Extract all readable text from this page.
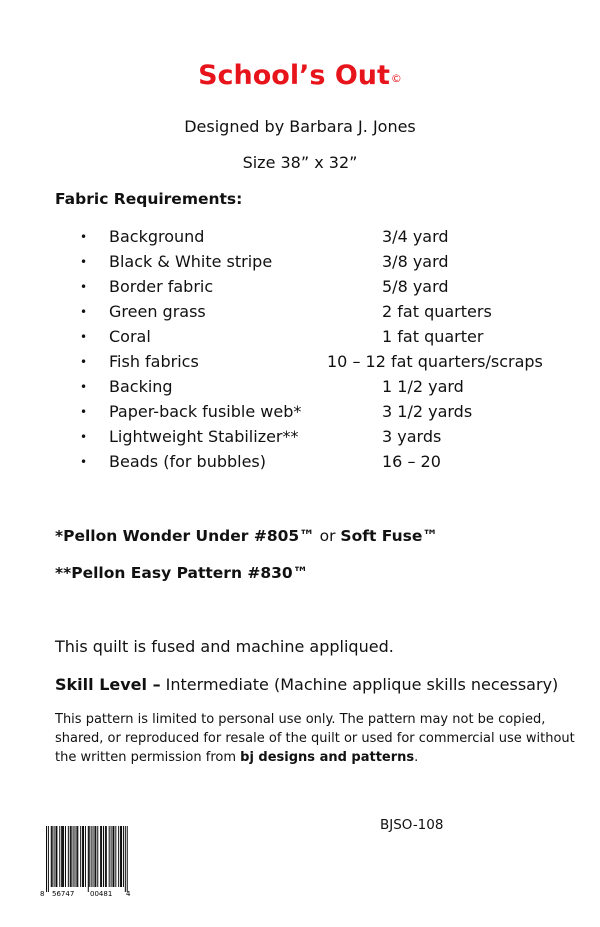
School’s Out©
Designed by Barbara J. Jones
Size 38” x 32”
Fabric Requirements:
• Background	3/4 yard
• Black & White stripe	3/8 yard
• Border fabric	5/8 yard
• Green grass	2 fat quarters
• Coral	1 fat quarter
• Fish fabrics	10 – 12 fat quarters/scraps
• Backing	1 1/2 yard
• Paper-back fusible web*	3 1/2 yards
• Lightweight Stabilizer**	3 yards
• Beads (for bubbles)	16 – 20
*Pellon Wonder Under #805™ or Soft Fuse™
**Pellon Easy Pattern #830™
This quilt is fused and machine appliqued.
Skill Level – Intermediate (Machine applique skills necessary)
This pattern is limited to personal use only. The pattern may not be copied, shared, or reproduced for resale of the quilt or used for commercial use without the written permission from bj designs and patterns.
BJSO-108
8 56747 00481 4
